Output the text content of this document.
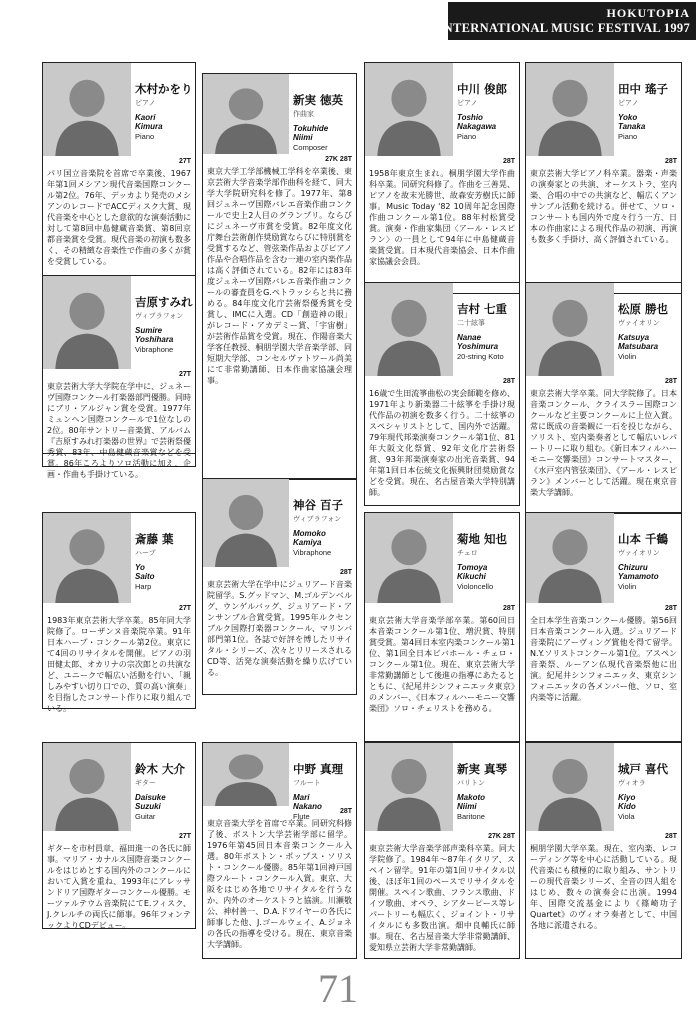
HOKUTOPIA
INTERNATIONAL MUSIC FESTIVAL 1997
木村かをり
ピアノ
Kaori
Kimura
Piano
27T
パリ国立音楽院を首席で卒業後、1967年第1回メシアン現代音楽国際コンクール第2位。76年、デッカより発売のメシアンのレコードでACCディスク大賞、現代音楽を中心とした意欲的な演奏活動に対して第8回中島健蔵音楽賞、第8回京都音楽賞を受賞。現代音楽の初演も数多く、その精緻な音楽性で作曲の多くが賞を受賞している。
新実 徳英
作曲家
Tokuhide
Niimi
Composer
27K 28T
東京大学工学部機械工学科を卒業後、東京芸術大学音楽学部作曲科を経て、同大学大学院研究科を修了。1977年、第8回ジュネーヴ国際バレエ音楽作曲コンクールで史上2人目のグランプリ。ならびにジュネーヴ市賞を受賞。82年度文化庁舞台芸術創作奨励賞ならびに特別賞を受賞するなど、管弦楽作品およびピアノ作品や合唱作品を含む一連の室内楽作品は高く評価されている。82年には83年度ジュネーヴ国際バレエ音楽作曲コンクールの審査員をG.ペトラッシらと共に務める。84年度文化庁芸術祭優秀賞を受賞し、IMCに入選。CD「創造神の眼」がレコード・アカデミー賞、「宇宙樹」が芸術作品賞を受賞。現在、作陽音楽大学客任教授、桐朋学園大学音楽学部、同短期大学部、コンセルヴァトワール尚美にて非常勤講師、日本作曲家協議会理事。
中川 俊郎
ピアノ
Toshio
Nakagawa
Piano
28T
1958年東京生まれ。桐朋学園大学作曲科卒業。同研究科修了。作曲を三善晃、ピアノを故末光勝世、故森安芳樹氏に師事。Music Today '82 10周年記念国際作曲コンクール第1位。88年村松賞受賞。演奏・作曲家集団〈アール・レスピラン〉の一員として94年に中島健蔵音楽賞受賞。日本現代音楽協会、日本作曲家協議会会員。
田中 瑤子
ピアノ
Yoko
Tanaka
Piano
28T
東京芸術大学ピアノ科卒業。器楽・声楽の演奏家との共演、オーケストラ、室内楽、合唱の中での共演など、幅広くアンサンブル活動を続ける。併せて、ソロ・コンサートも国内外で度々行う一方、日本の作曲家による現代作品の初演、再演も数多く手掛け、高く評価されている。
吉原すみれ
ヴィブラフォン
Sumire
Yoshihara
Vibraphone
27T
東京芸術大学大学院在学中に、ジュネーヴ国際コンクール打楽器部門優勝。同時にブリ・アルジャン賞を受賞。1977年ミュンヘン国際コンクールで1位なしの2位。80年サントリー音楽賞、アルバム『吉原すみれ打楽器の世界』で芸術祭優秀賞、83年、中島健蔵音楽賞などを受賞。86年ころよりソロ活動に加え、企画・作曲も手掛けている。
吉村 七重
二十絃箏
Nanae
Yoshimura
20-string Koto
28T
16歳で生田流箏曲松の実会師範を修め、1971年より新楽器二十絃箏を手掛け現代作品の初演を数多く行う。二十絃箏のスペシャリストとして、国内外で活躍。79年現代邦楽演奏コンクール第1位、81年大阪文化祭賞、92年文化庁芸術祭賞、93年邦楽演奏家の出光音楽賞、94年第1回日本伝統文化振興財団奨励賞などを受賞。現在、名古屋音楽大学特別講師。
松原 勝也
ヴァイオリン
Katsuya
Matsubara
Violin
28T
東京芸術大学卒業。同大学院修了。日本音楽コンクール、クライスラー国際コンクールなど主要コンクールに上位入賞。常に既成の音楽観に一石を投じながら、ソリスト、室内楽奏者として幅広いレパートリーに取り組む。《新日本フィルハーモニー交響楽団》コンサートマスター、《水戸室内管弦楽団》、《アール・レスピラン》メンバーとして活躍。現在東京音楽大学講師。
斎藤 葉
ハープ
Yo
Saito
Harp
27T
1983年東京芸術大学卒業。85年同大学院修了。ローザンヌ音楽院卒業。91年日本ハープ・コンクール第2位。東京にて4回のリサイタルを開催。ピアノの羽田健太郎、オカリナの宗次郎との共演など、ユニークで幅広い活動を行い、「親しみやすい切り口での、質の高い演奏」を目指したコンサート作りに取り組んでいる。
神谷 百子
ヴィブラフォン
Momoko
Kamiya
Vibraphone
28T
東京芸術大学在学中にジュリアード音楽院留学。S.グッドマン、M.ゴルデンベルグ、ウンゲルバッグ、ジュリアード・アンサンブル合賞受賞。1995年ルクセンブルク国際打楽器コンクール、マリンバ部門第1位。各誌で好評を博したリサイタル・シリーズ、次々とリリースされるCD等、活発な演奏活動を繰り広げている。
菊地 知也
チェロ
Tomoya
Kikuchi
Violoncello
28T
東京芸術大学音楽学部卒業。第60回日本音楽コンクール第1位、増沢賞、特別賞受賞。第4回日本室内楽コンクール第1位、第1回全日本ビバホール・チェロ・コンクール第1位。現在、東京芸術大学非常勤講師として後進の指導にあたるとともに、《紀尾井シンフォニエッタ東京》のメンバー、《日本フィルハーモニー交響楽団》ソロ・チェリストを務める。
山本 千鶴
ヴァイオリン
Chizuru
Yamamoto
Violin
28T
全日本学生音楽コンクール優勝。第56回日本音楽コンクール入選。ジュリアード音楽院にアーヴィング賞他を得て留学。N.Y.ソリストコンクール第1位。アスペン音楽祭、ルーアン仏現代音楽祭他に出演。紀尾井シンフォニエッタ、東京シンフォニエッタの各メンバー他、ソロ、室内楽等に活躍。
鈴木 大介
ギター
Daisuke
Suzuki
Guitar
27T
ギターを市村員章、福田進一の各氏に師事。マリア・カナルス国際音楽コンクールをはじめとする国内外のコンクールにおいて入賞を重ね、1993年にアレッサンドリア国際ギターコンクール優勝。モーツァルテウム音楽院にてE.フィスク、J.クレルチの両氏に師事。96年フォンテックよりCDデビュー。
中野 真理
フルート
Mari
Nakano
Flute
28T
東京音楽大学を首席で卒業。同研究科修了後、ボストン大学芸術学部に留学。1976年第45回日本音楽コンクール入選。80年ボストン・ポップス・ソリスト・コンクール優勝。85年第1回神戸国際フルート・コンクール入賞。東京、大阪をはじめ各地でリサイタルを行うなか、内外のオーケストラと協演。川瀬敬公、神村善一、D.A.ドワイヤーの各氏に師事した他、J.ゴールウェイ、A.ジョネの各氏の指導を受ける。現在、東京音楽大学講師。
新実 真琴
バリトン
Makoto
Niimi
Baritone
27K 28T
東京芸術大学音楽学部声楽科卒業。同大学院修了。1984年〜87年イタリア、スペイン留学。91年の第1回リサイタル以後、ほぼ年1回のペースでリサイタルを開催。スペイン歌曲、フランス歌曲、ドイツ歌曲、オペラ、シアターピース等レパートリーも幅広く、ジョイント・リサイタルにも多数出演。畑中良輔氏に師事。現在、名古屋音楽大学非常勤講師、愛知県立芸術大学非常勤講師。
城戸 喜代
ヴィオラ
Kiyo
Kido
Viola
28T
桐朋学園大学卒業。現在、室内楽、レコーディング等を中心に活動している。現代音楽にも積極的に取り組み、サントリーの現代音楽シリーズ、全音の四人組をはじめ、数々の演奏会に出演。1994年、国際交流基金により《篠崎功子Quartet》のヴィオラ奏者として、中国各地に派遣される。
71
